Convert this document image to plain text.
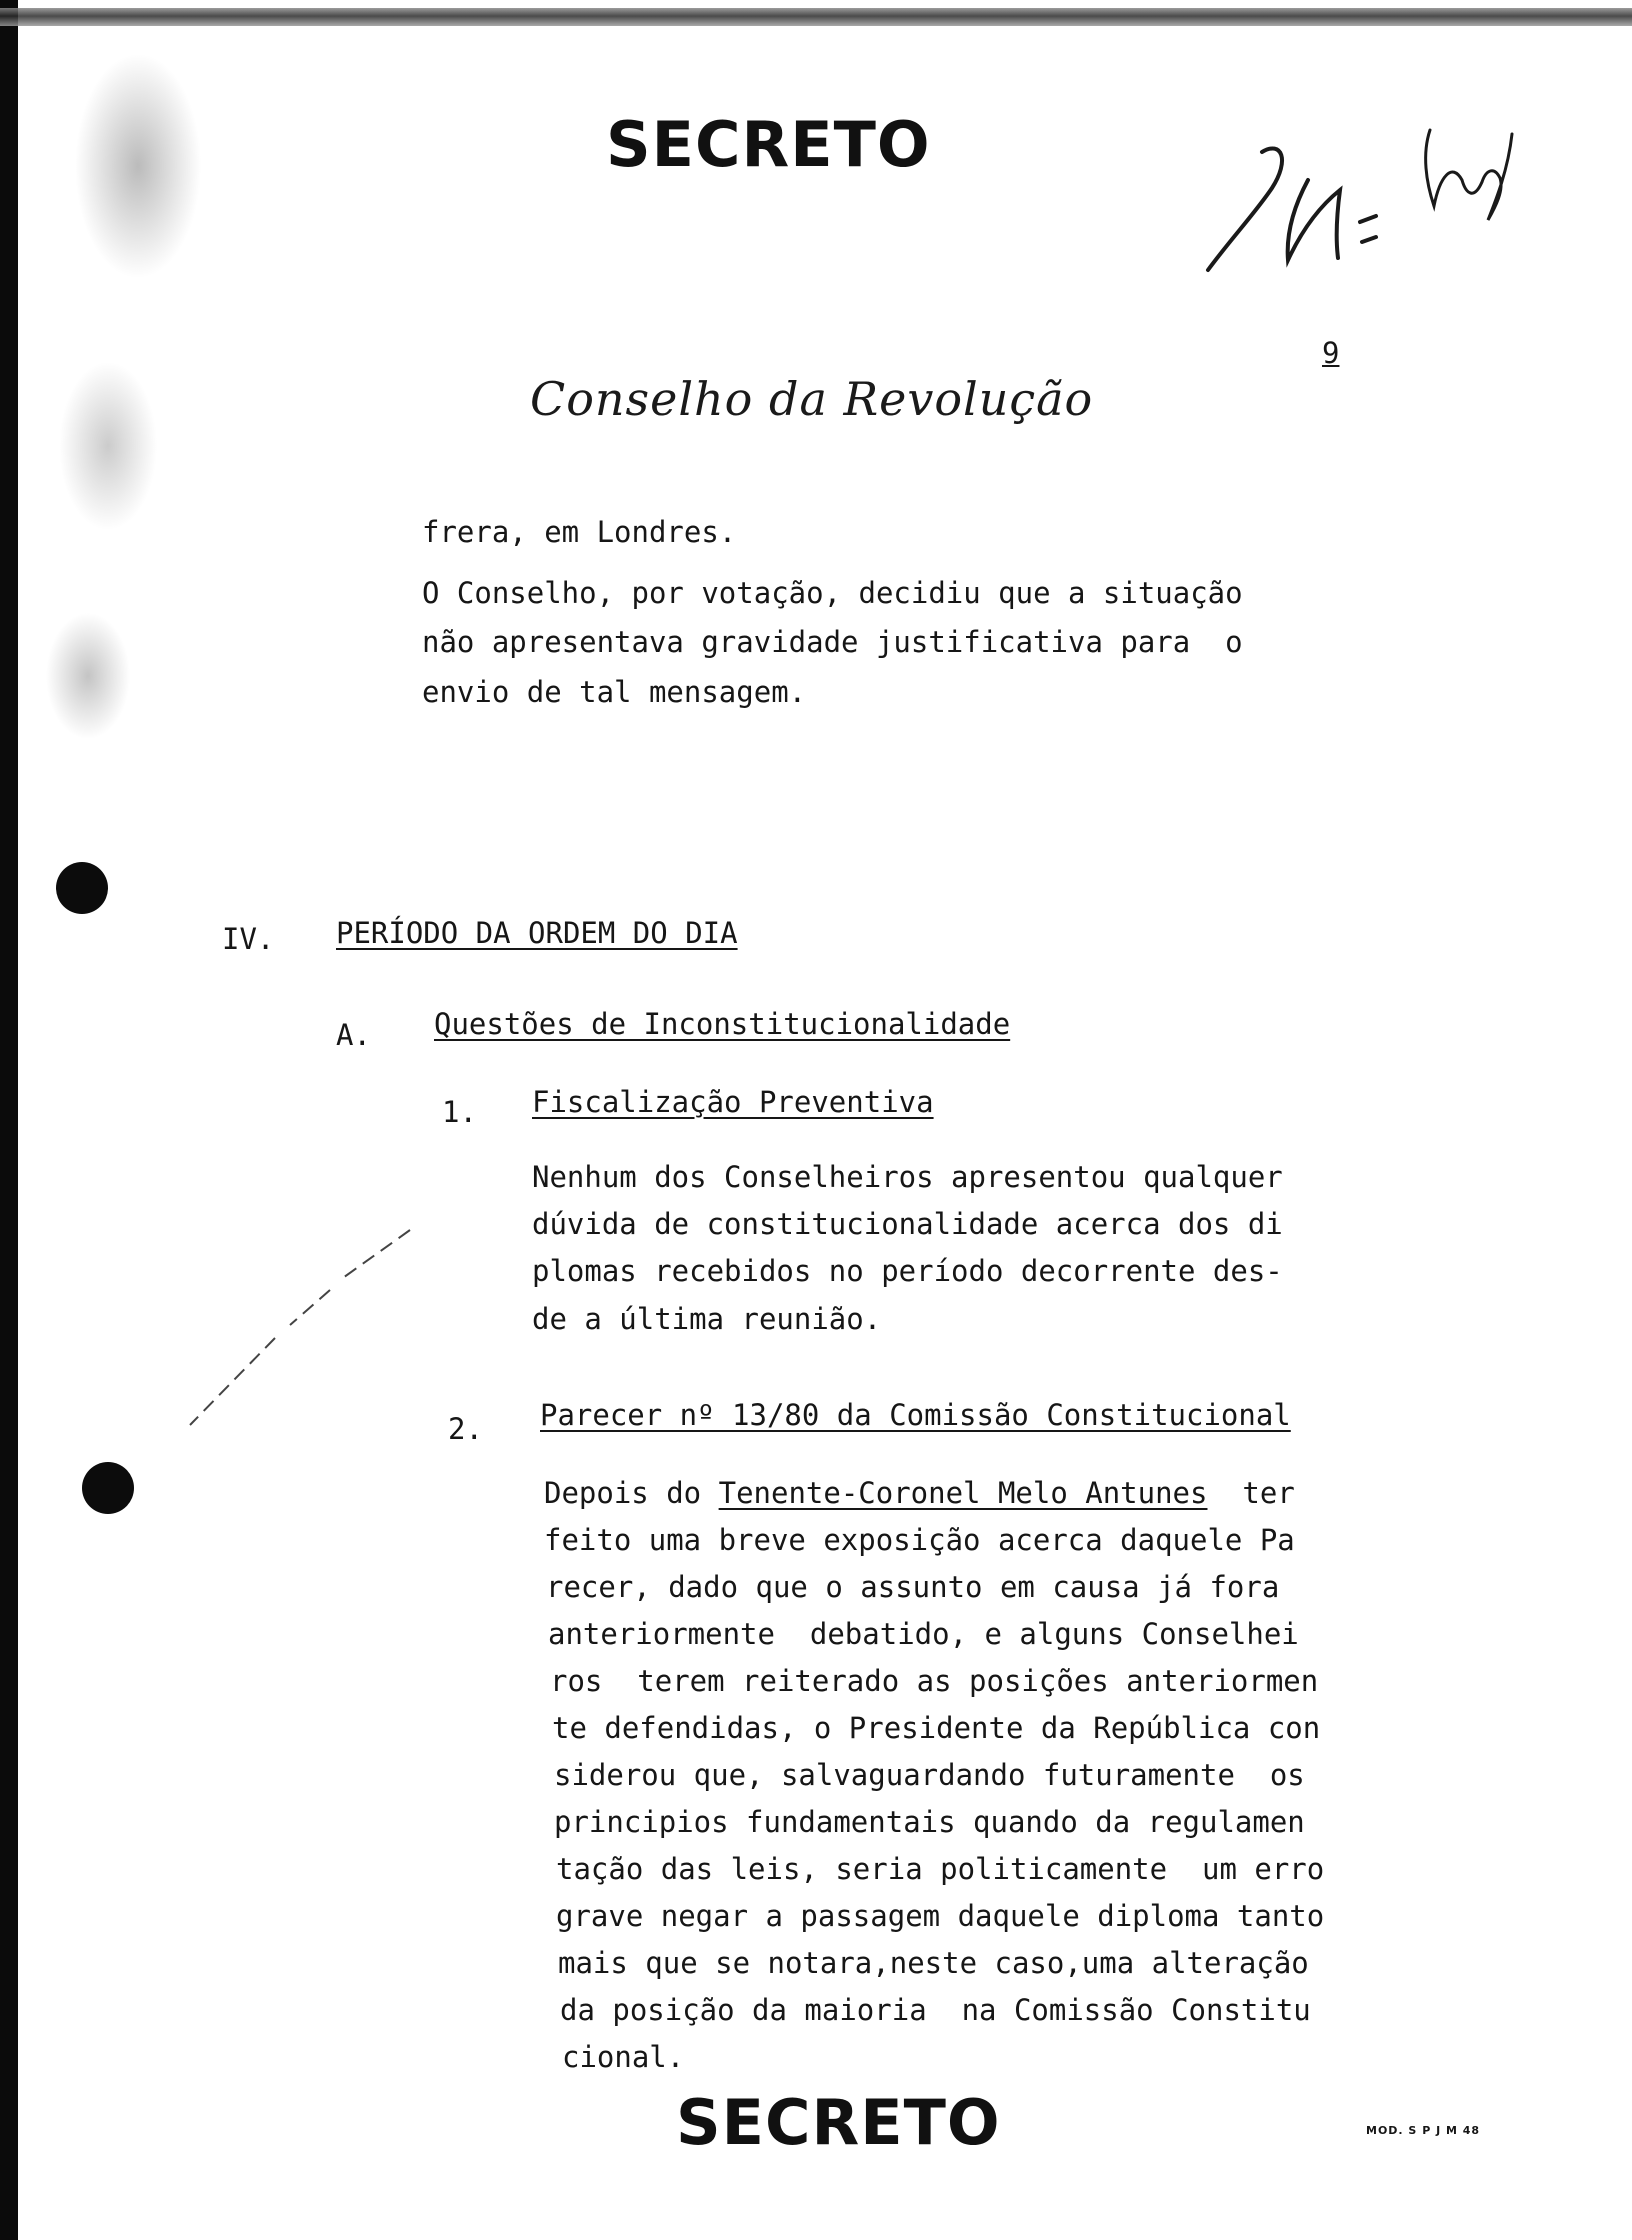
SECRETO
9
Conselho da Revolução
frera, em Londres.
O Conselho, por votação, decidiu que a situação
não apresentava gravidade justificativa para  o
envio de tal mensagem.
IV. PERÍODO DA ORDEM DO DIA
A. Questões de Inconstitucionalidade
1. Fiscalização Preventiva
Nenhum dos Conselheiros apresentou qualquer
dúvida de constitucionalidade acerca dos di
plomas recebidos no período decorrente des-
de a última reunião.
2. Parecer nº 13/80 da Comissão Constitucional
Depois do Tenente-Coronel Melo Antunes  ter
feito uma breve exposição acerca daquele Pa
recer, dado que o assunto em causa já fora
anteriormente  debatido, e alguns Conselhei
ros  terem reiterado as posições anteriormen
te defendidas, o Presidente da República con
siderou que, salvaguardando futuramente  os
principios fundamentais quando da regulamen
tação das leis, seria politicamente  um erro
grave negar a passagem daquele diploma tanto
mais que se notara,neste caso,uma alteração
da posição da maioria  na Comissão Constitu
cional.
SECRETO	MOD. S P J M 48
